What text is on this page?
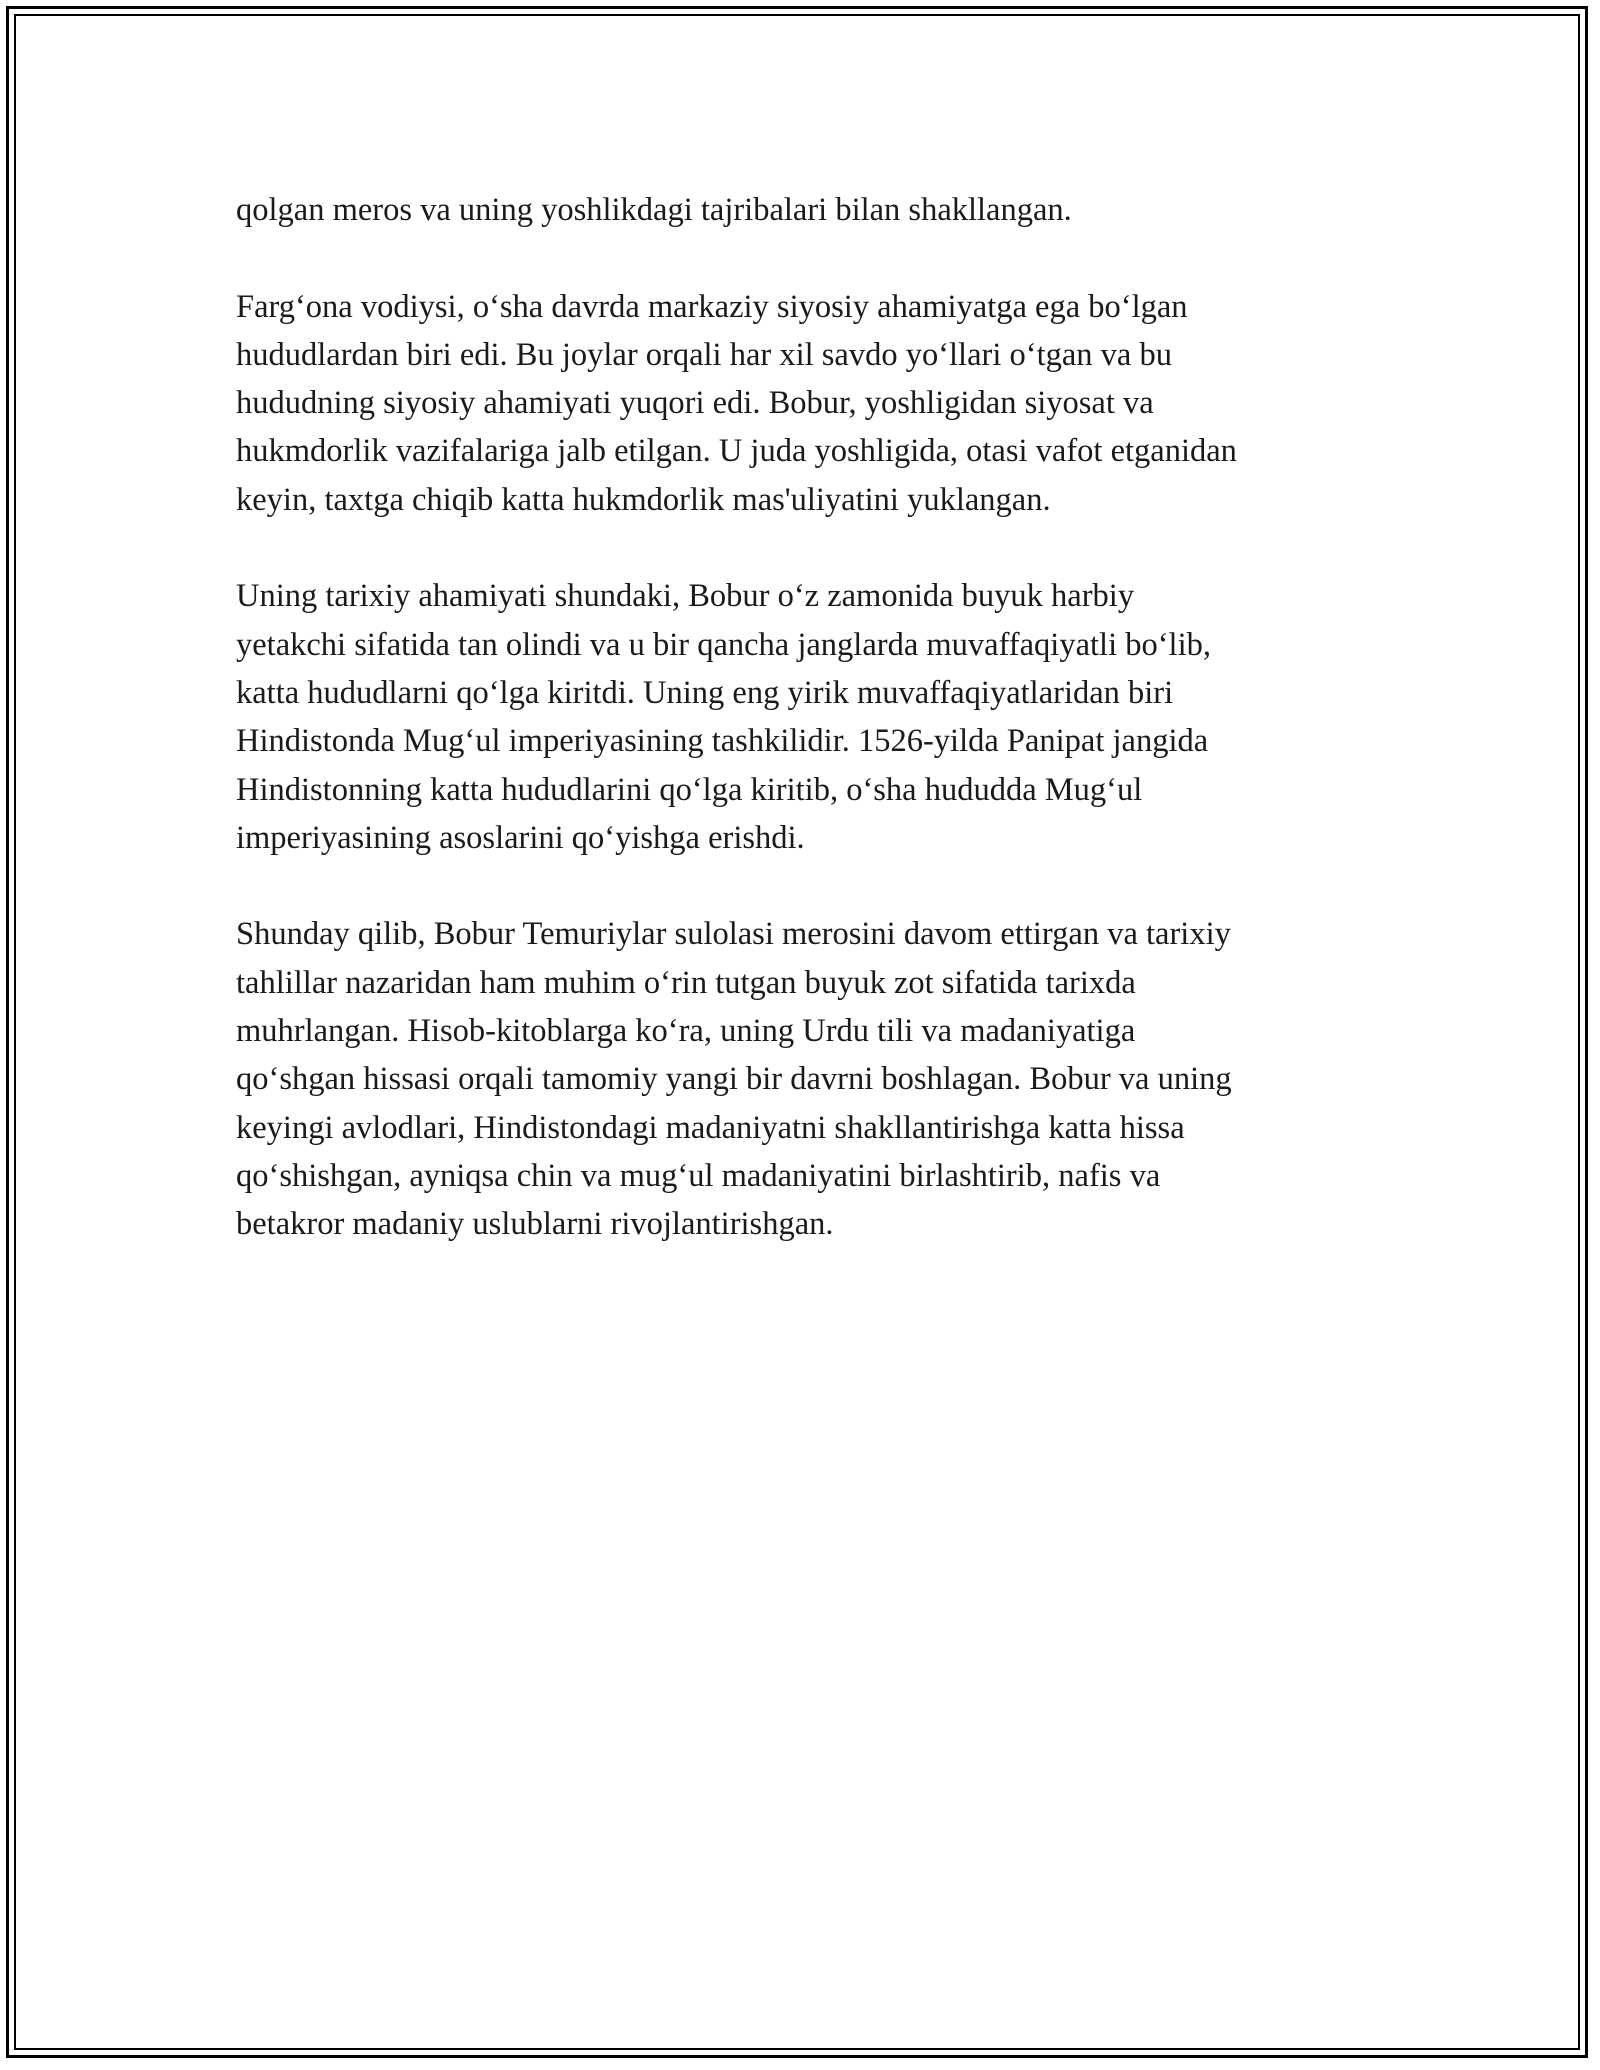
qolgan meros va uning yoshlikdagi tajribalari bilan shakllangan.

Farg‘ona vodiysi, o‘sha davrda markaziy siyosiy ahamiyatga ega bo‘lgan
hududlardan biri edi. Bu joylar orqali har xil savdo yo‘llari o‘tgan va bu
hududning siyosiy ahamiyati yuqori edi. Bobur, yoshligidan siyosat va
hukmdorlik vazifalariga jalb etilgan. U juda yoshligida, otasi vafot etganidan
keyin, taxtga chiqib katta hukmdorlik mas'uliyatini yuklangan.

Uning tarixiy ahamiyati shundaki, Bobur o‘z zamonida buyuk harbiy
yetakchi sifatida tan olindi va u bir qancha janglarda muvaffaqiyatli bo‘lib,
katta hududlarni qo‘lga kiritdi. Uning eng yirik muvaffaqiyatlaridan biri
Hindistonda Mug‘ul imperiyasining tashkilidir. 1526-yilda Panipat jangida
Hindistonning katta hududlarini qo‘lga kiritib, o‘sha hududda Mug‘ul
imperiyasining asoslarini qo‘yishga erishdi.

Shunday qilib, Bobur Temuriylar sulolasi merosini davom ettirgan va tarixiy
tahlillar nazaridan ham muhim o‘rin tutgan buyuk zot sifatida tarixda
muhrlangan. Hisob-kitoblarga ko‘ra, uning Urdu tili va madaniyatiga
qo‘shgan hissasi orqali tamomiy yangi bir davrni boshlagan. Bobur va uning
keyingi avlodlari, Hindistondagi madaniyatni shakllantirishga katta hissa
qo‘shishgan, ayniqsa chin va mug‘ul madaniyatini birlashtirib, nafis va
betakror madaniy uslublarni rivojlantirishgan.
